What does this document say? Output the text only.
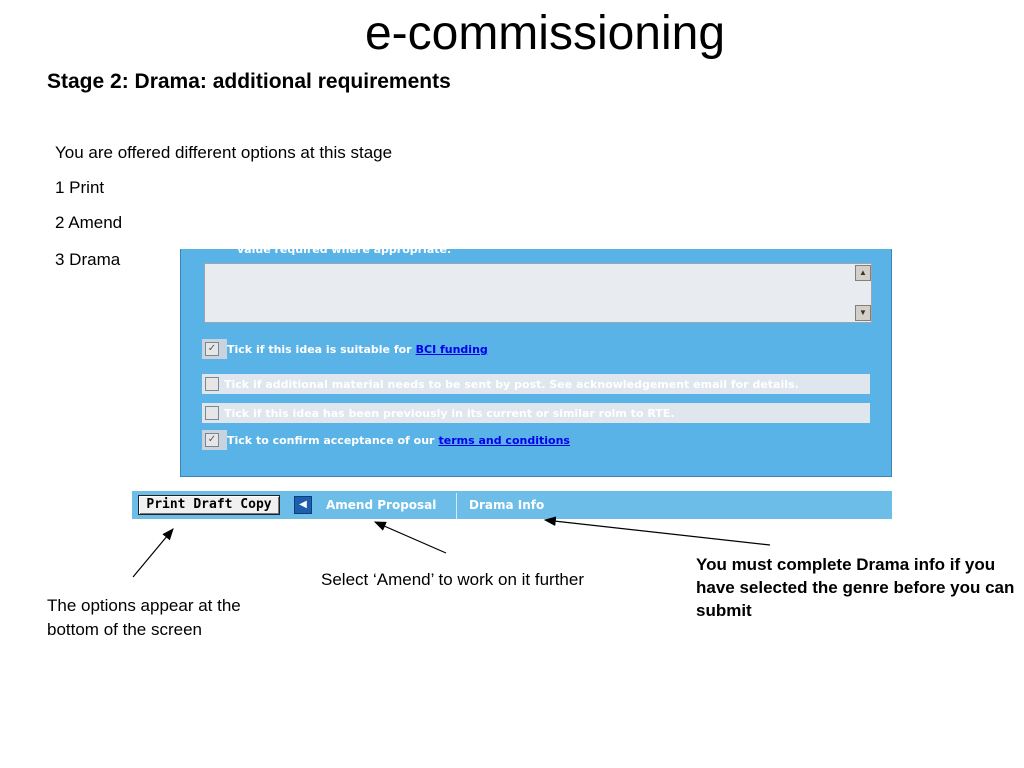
e-commissioning
Stage 2: Drama: additional requirements
You are offered different options at this stage
1 Print
2 Amend
3 Drama
value required where appropriate.
▲
▼
✓ Tick if this idea is suitable for BCI funding
Tick if additional material needs to be sent by post. See acknowledgement email for details.
Tick if this idea has been previously in its current or similar rolm to RTE.
✓ Tick to confirm acceptance of our terms and conditions
Print Draft Copy	◀	Amend Proposal	Drama Info
The options appear at the bottom of the screen
Select ‘Amend’ to work on it further
You must complete Drama info if you have selected the genre before you can submit
